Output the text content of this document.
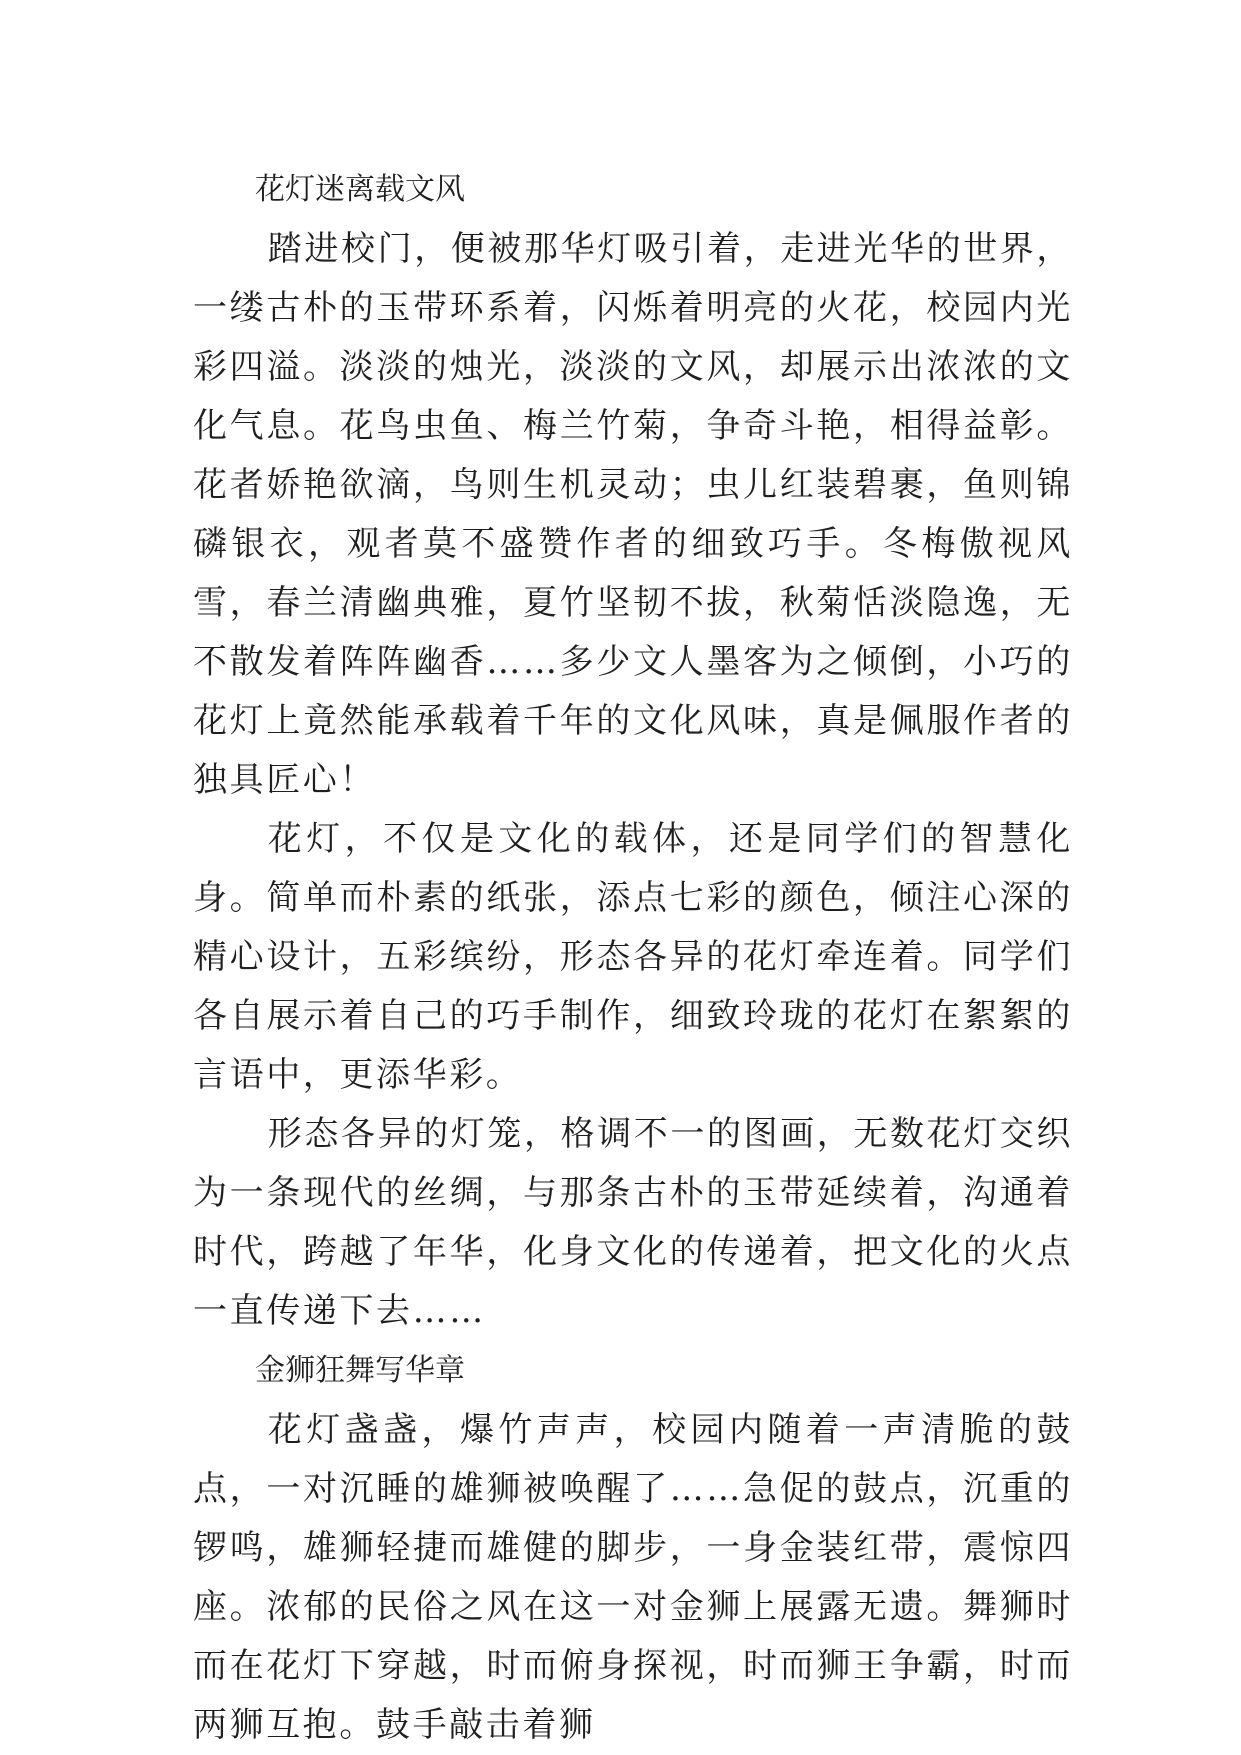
花灯迷离载文风

踏进校门，便被那华灯吸引着，走进光华的世界，一缕古朴的玉带环系着，闪烁着明亮的火花，校园内光彩四溢。淡淡的烛光，淡淡的文风，却展示出浓浓的文化气息。花鸟虫鱼、梅兰竹菊，争奇斗艳，相得益彰。花者娇艳欲滴，鸟则生机灵动；虫儿红装碧裹，鱼则锦磷银衣，观者莫不盛赞作者的细致巧手。冬梅傲视风雪，春兰清幽典雅，夏竹坚韧不拔，秋菊恬淡隐逸，无不散发着阵阵幽香……多少文人墨客为之倾倒，小巧的花灯上竟然能承载着千年的文化风味，真是佩服作者的独具匠心！

花灯，不仅是文化的载体，还是同学们的智慧化身。简单而朴素的纸张，添点七彩的颜色，倾注心深的精心设计，五彩缤纷，形态各异的花灯牵连着。同学们各自展示着自己的巧手制作，细致玲珑的花灯在絮絮的言语中，更添华彩。

形态各异的灯笼，格调不一的图画，无数花灯交织为一条现代的丝绸，与那条古朴的玉带延续着，沟通着时代，跨越了年华，化身文化的传递着，把文化的火点一直传递下去……

金狮狂舞写华章

花灯盏盏，爆竹声声，校园内随着一声清脆的鼓点，一对沉睡的雄狮被唤醒了……急促的鼓点，沉重的锣鸣，雄狮轻捷而雄健的脚步，一身金装红带，震惊四座。浓郁的民俗之风在这一对金狮上展露无遗。舞狮时而在花灯下穿越，时而俯身探视，时而狮王争霸，时而两狮互抱。鼓手敲击着狮
